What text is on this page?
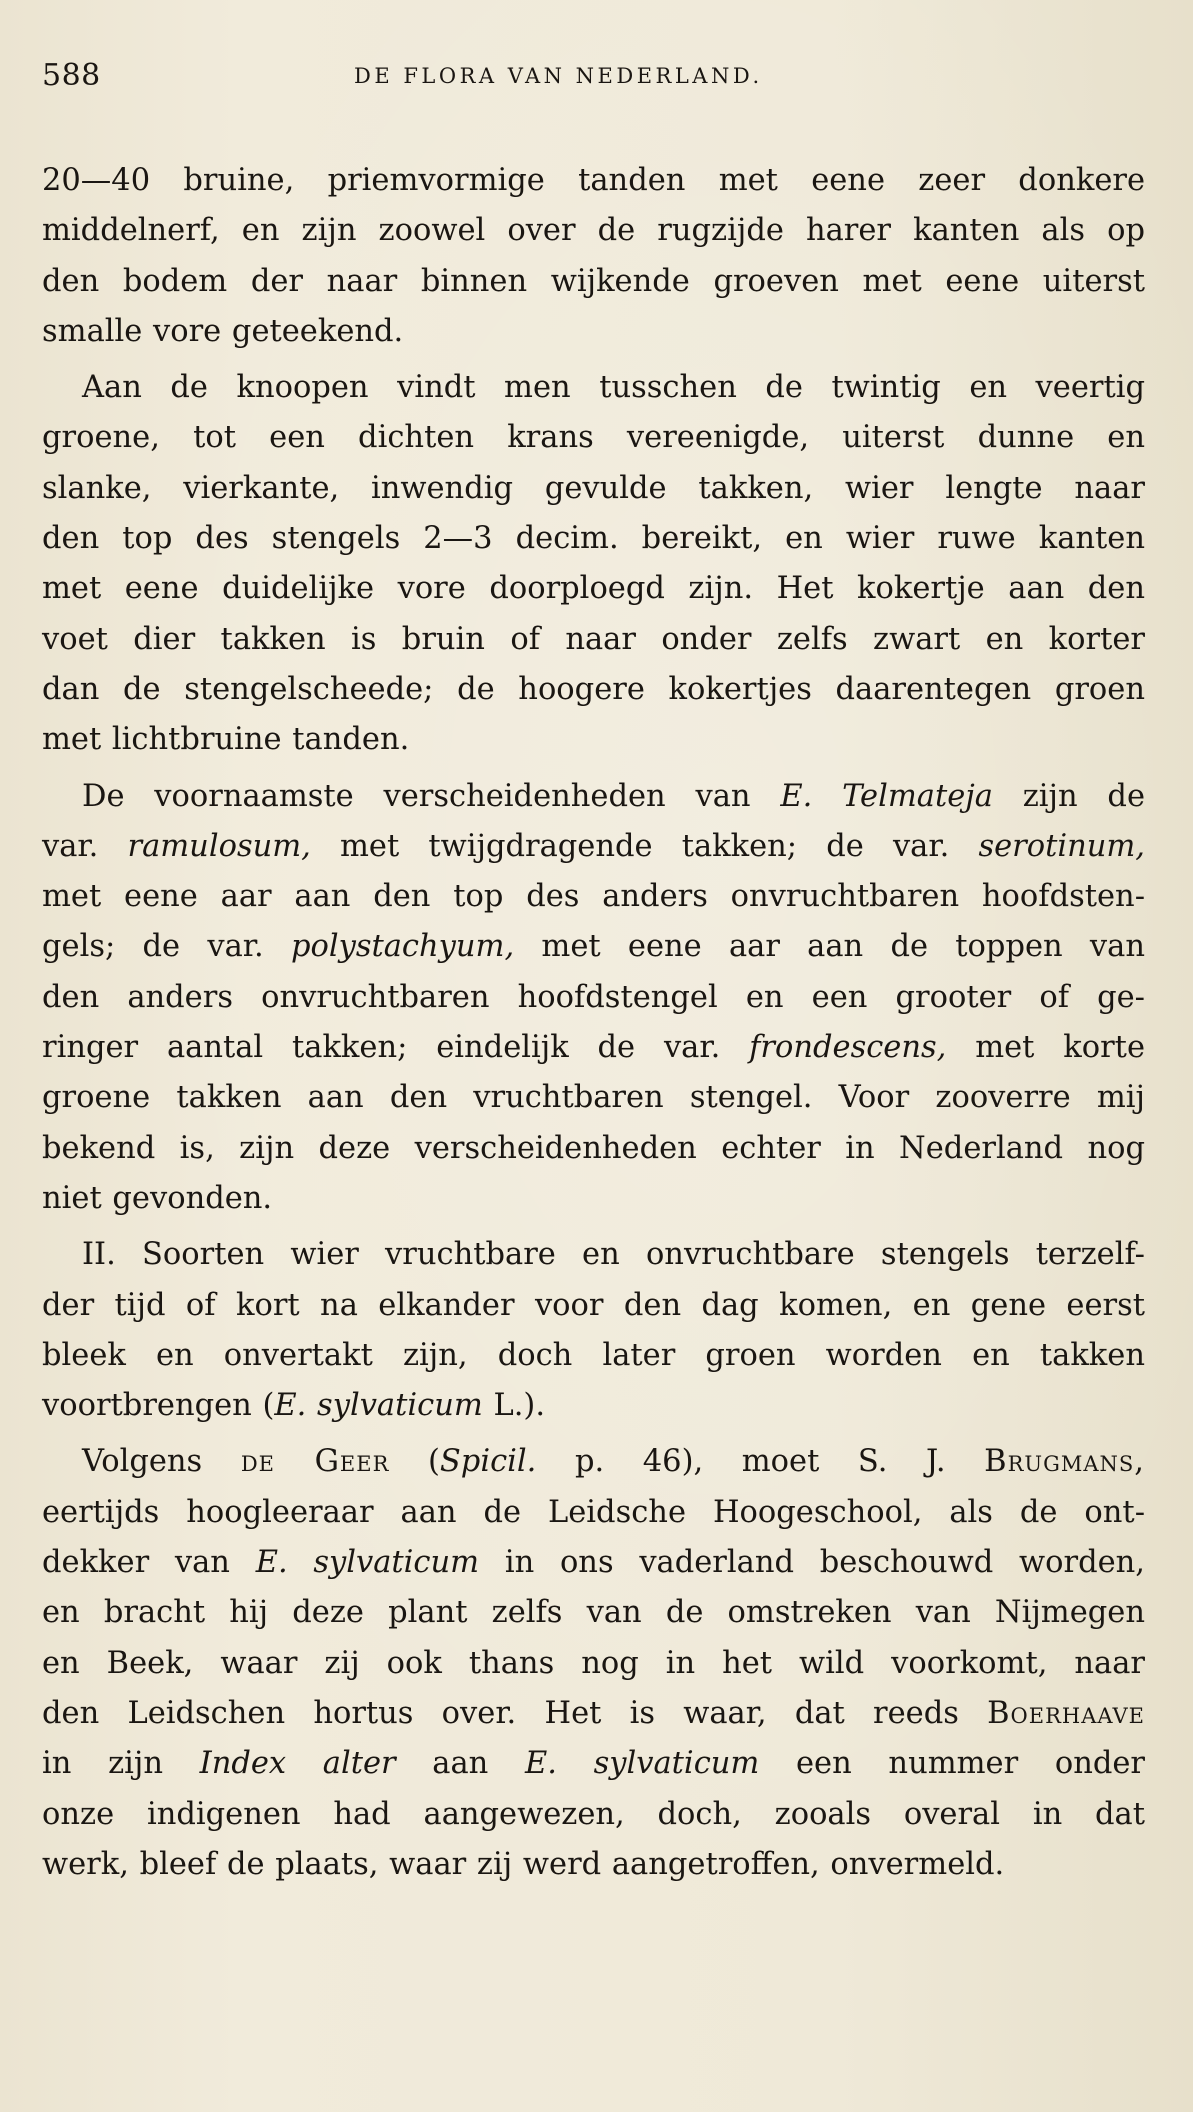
588	DE FLORA VAN NEDERLAND.

20—40 bruine, priemvormige tanden met eene zeer donkere
middelnerf, en zijn zoowel over de rugzijde harer kanten als op
den bodem der naar binnen wijkende groeven met eene uiterst
smalle vore geteekend.

Aan de knoopen vindt men tusschen de twintig en veertig
groene, tot een dichten krans vereenigde, uiterst dunne en
slanke, vierkante, inwendig gevulde takken, wier lengte naar
den top des stengels 2—3 decim. bereikt, en wier ruwe kanten
met eene duidelijke vore doorploegd zijn. Het kokertje aan den
voet dier takken is bruin of naar onder zelfs zwart en korter
dan de stengelscheede; de hoogere kokertjes daarentegen groen
met lichtbruine tanden.

De voornaamste verscheidenheden van E. Telmateja zijn de
var. ramulosum, met twijgdragende takken; de var. serotinum,
met eene aar aan den top des anders onvruchtbaren hoofdsten-
gels; de var. polystachyum, met eene aar aan de toppen van
den anders onvruchtbaren hoofdstengel en een grooter of ge-
ringer aantal takken; eindelijk de var. frondescens, met korte
groene takken aan den vruchtbaren stengel. Voor zooverre mij
bekend is, zijn deze verscheidenheden echter in Nederland nog
niet gevonden.

II. Soorten wier vruchtbare en onvruchtbare stengels terzelf-
der tijd of kort na elkander voor den dag komen, en gene eerst
bleek en onvertakt zijn, doch later groen worden en takken
voortbrengen (E. sylvaticum L.).

Volgens de Geer (Spicil. p. 46), moet S. J. Brugmans,
eertijds hoogleeraar aan de Leidsche Hoogeschool, als de ont-
dekker van E. sylvaticum in ons vaderland beschouwd worden,
en bracht hij deze plant zelfs van de omstreken van Nijmegen
en Beek, waar zij ook thans nog in het wild voorkomt, naar
den Leidschen hortus over. Het is waar, dat reeds Boerhaave
in zijn Index alter aan E. sylvaticum een nummer onder
onze indigenen had aangewezen, doch, zooals overal in dat
werk, bleef de plaats, waar zij werd aangetroffen, onvermeld.
